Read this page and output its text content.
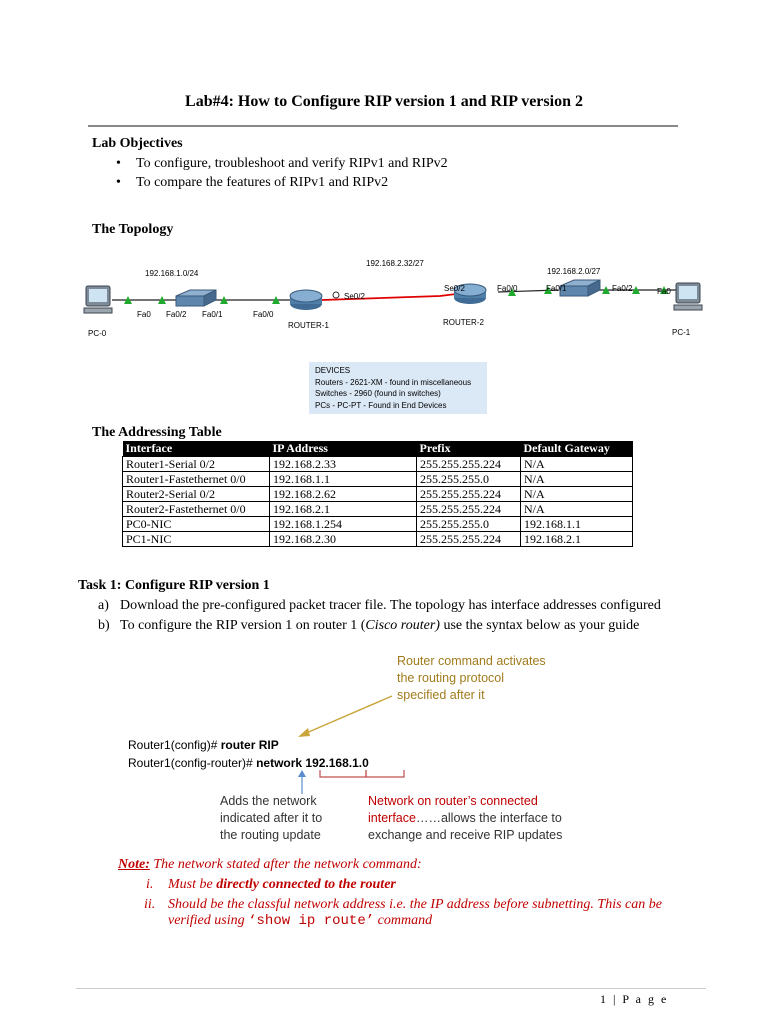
Lab#4: How to Configure RIP version 1 and RIP version 2
Lab Objectives
• To configure, troubleshoot and verify RIPv1 and RIPv2
• To compare the features of RIPv1 and RIPv2
The Topology
192.168.1.0/24
192.168.2.32/27
192.168.2.0/27
Fa0 Fa0/2 Fa0/1	Fa0/0
Se0/2
Se0/2	Fa0/0	Fa0/1	Fa0/2	Fa0
PC-0
ROUTER-1	ROUTER-2
PC-1
DEVICES
Routers - 2621-XM - found in miscellaneous
Switches - 2960 (found in switches)
PCs - PC-PT - Found in End Devices
The Addressing Table
Interface	IP Address	Prefix	Default Gateway
Router1-Serial 0/2	192.168.2.33	255.255.255.224	N/A
Router1-Fastethernet 0/0	192.168.1.1	255.255.255.0	N/A
Router2-Serial 0/2	192.168.2.62	255.255.255.224	N/A
Router2-Fastethernet 0/0	192.168.2.1	255.255.255.224	N/A
PC0-NIC	192.168.1.254	255.255.255.0	192.168.1.1
PC1-NIC	192.168.2.30	255.255.255.224	192.168.2.1
Task 1: Configure RIP version 1
a) Download the pre-configured packet tracer file. The topology has interface addresses configured
b) To configure the RIP version 1 on router 1 (Cisco router) use the syntax below as your guide
Router command activates
the routing protocol
specified after it
Router1(config)# router RIP
Router1(config-router)# network 192.168.1.0
Adds the network
indicated after it to
the routing update
Network on router’s connected
interface……allows the interface to
exchange and receive RIP updates
Note: The network stated after the network command:
i. Must be directly connected to the router
ii. Should be the classful network address i.e. the IP address before subnetting. This can be
verified using ‘show ip route’ command
1 | P a g e
